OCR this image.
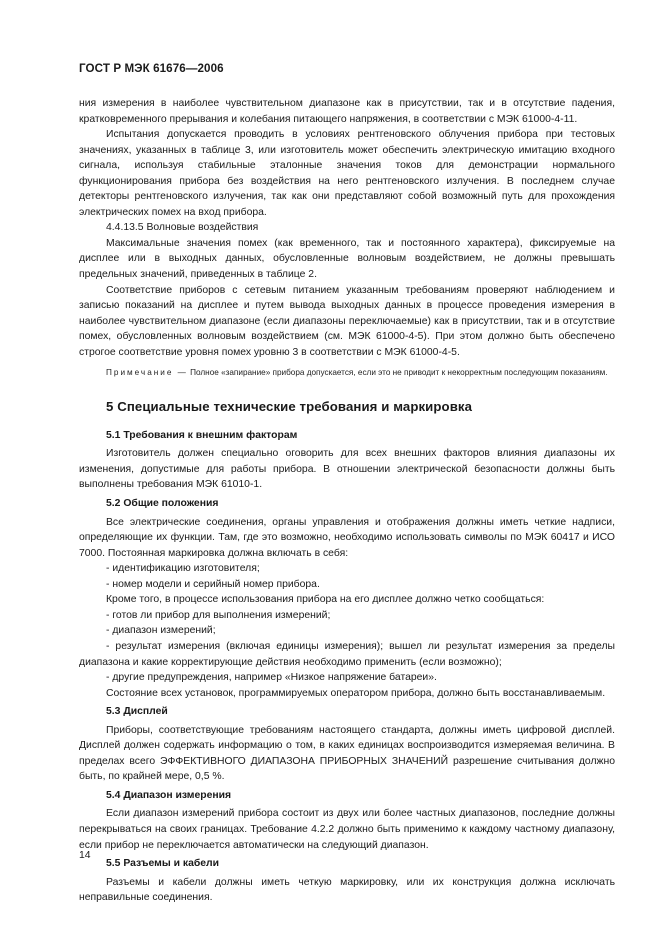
ГОСТ Р МЭК 61676—2006

ния измерения в наиболее чувствительном диапазоне как в присутствии, так и в отсутствие падения, кратковременного прерывания и колебания питающего напряжения, в соответствии с МЭК 61000-4-11.

Испытания допускается проводить в условиях рентгеновского облучения прибора при тестовых значениях, указанных в таблице 3, или изготовитель может обеспечить электрическую имитацию входного сигнала, используя стабильные эталонные значения токов для демонстрации нормального функционирования прибора без воздействия на него рентгеновского излучения. В последнем случае детекторы рентгеновского излучения, так как они представляют собой возможный путь для прохождения электрических помех на вход прибора.

4.4.13.5 Волновые воздействия

Максимальные значения помех (как временного, так и постоянного характера), фиксируемые на дисплее или в выходных данных, обусловленные волновым воздействием, не должны превышать предельных значений, приведенных в таблице 2.

Соответствие приборов с сетевым питанием указанным требованиям проверяют наблюдением и записью показаний на дисплее и путем вывода выходных данных в процессе проведения измерения в наиболее чувствительном диапазоне (если диапазоны переключаемые) как в присутствии, так и в отсутствие помех, обусловленных волновым воздействием (см. МЭК 61000-4-5). При этом должно быть обеспечено строгое соответствие уровня помех уровню 3 в соответствии с МЭК 61000-4-5.

Примечание — Полное «запирание» прибора допускается, если это не приводит к некорректным последующим показаниям.

5 Специальные технические требования и маркировка
5.1 Требования к внешним факторам

Изготовитель должен специально оговорить для всех внешних факторов влияния диапазоны их изменения, допустимые для работы прибора. В отношении электрической безопасности должны быть выполнены требования МЭК 61010-1.

5.2 Общие положения

Все электрические соединения, органы управления и отображения должны иметь четкие надписи, определяющие их функции. Там, где это возможно, необходимо использовать символы по МЭК 60417 и ИСО 7000. Постоянная маркировка должна включать в себя:

- идентификацию изготовителя;

- номер модели и серийный номер прибора.

Кроме того, в процессе использования прибора на его дисплее должно четко сообщаться:

- готов ли прибор для выполнения измерений;

- диапазон измерений;

- результат измерения (включая единицы измерения); вышел ли результат измерения за пределы диапазона и какие корректирующие действия необходимо применить (если возможно);

- другие предупреждения, например «Низкое напряжение батареи».

Состояние всех установок, программируемых оператором прибора, должно быть восстанавливаемым.

5.3 Дисплей

Приборы, соответствующие требованиям настоящего стандарта, должны иметь цифровой дисплей. Дисплей должен содержать информацию о том, в каких единицах воспроизводится измеряемая величина. В пределах всего ЭФФЕКТИВНОГО ДИАПАЗОНА ПРИБОРНЫХ ЗНАЧЕНИЙ разрешение считывания должно быть, по крайней мере, 0,5 %.

5.4 Диапазон измерения

Если диапазон измерений прибора состоит из двух или более частных диапазонов, последние должны перекрываться на своих границах. Требование 4.2.2 должно быть применимо к каждому частному диапазону, если прибор не переключается автоматически на следующий диапазон.

5.5 Разъемы и кабели

Разъемы и кабели должны иметь четкую маркировку, или их конструкция должна исключать неправильные соединения.

14
